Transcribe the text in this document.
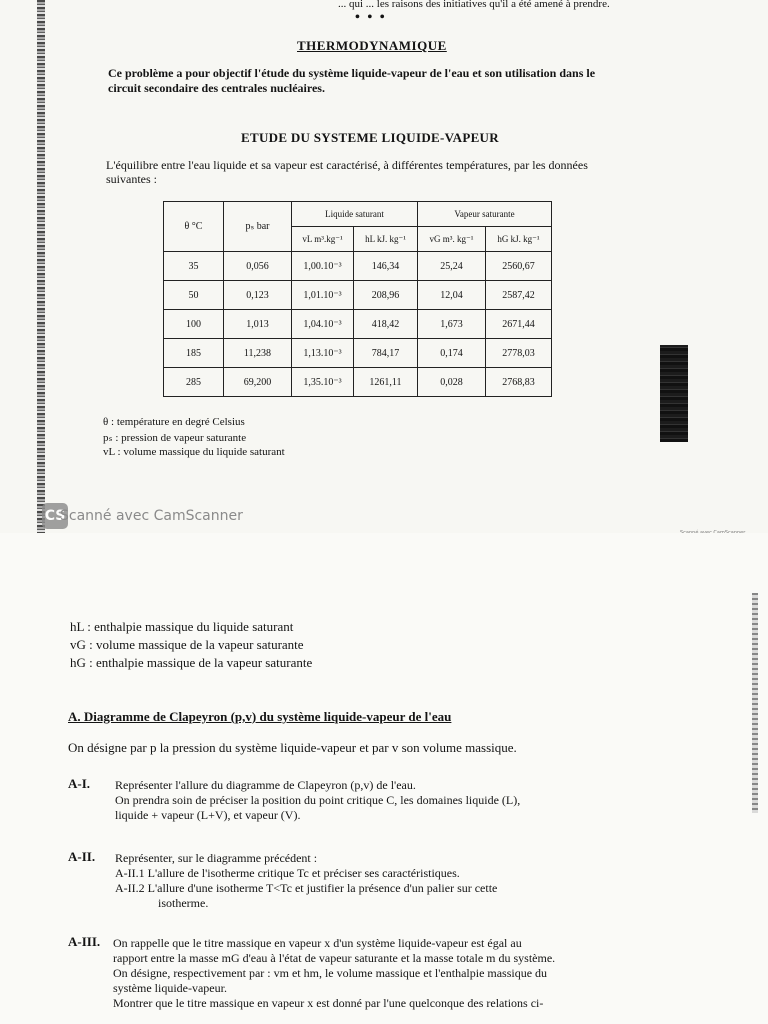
... qui ... les raisons des initiatives qu'il a été amené à prendre.
• • •
THERMODYNAMIQUE
Ce problème a pour objectif l'étude du système liquide-vapeur de l'eau et son utilisation dans le circuit secondaire des centrales nucléaires.
ETUDE DU SYSTEME LIQUIDE-VAPEUR
L'équilibre entre l'eau liquide et sa vapeur est caractérisé, à différentes températures, par les données suivantes :
θ °C	pₛ bar	Liquide saturant		Vapeur saturante	
		vL m³.kg⁻¹	hL kJ. kg⁻¹	vG m³. kg⁻¹	hG kJ. kg⁻¹
35	0,056	1,00.10⁻³	146,34	25,24	2560,67
50	0,123	1,01.10⁻³	208,96	12,04	2587,42
100	1,013	1,04.10⁻³	418,42	1,673	2671,44
185	11,238	1,13.10⁻³	784,17	0,174	2778,03
285	69,200	1,35.10⁻³	1261,11	0,028	2768,83
θ : température en degré Celsius
pₛ : pression de vapeur saturante
vL : volume massique du liquide saturant
CS
Scanné avec CamScanner
Scanné avec CamScanner
hL : enthalpie massique du liquide saturant
vG : volume massique de la vapeur saturante
hG : enthalpie massique de la vapeur saturante
A. Diagramme de Clapeyron (p,v) du système liquide-vapeur de l'eau
On désigne par p la pression du système liquide-vapeur et par v son volume massique.
A-I. Représenter l'allure du diagramme de Clapeyron (p,v) de l'eau.
On prendra soin de préciser la position du point critique C, les domaines liquide (L),
liquide + vapeur (L+V), et vapeur (V).
A-II. Représenter, sur le diagramme précédent :
A-II.1 L'allure de l'isotherme critique Tc et préciser ses caractéristiques.
A-II.2 L'allure d'une isotherme T<Tc et justifier la présence d'un palier sur cette
isotherme.
A-III. On rappelle que le titre massique en vapeur x d'un système liquide-vapeur est égal au
rapport entre la masse mG d'eau à l'état de vapeur saturante et la masse totale m du système.
On désigne, respectivement par : vm et hm, le volume massique et l'enthalpie massique du
système liquide-vapeur.
Montrer que le titre massique en vapeur x est donné par l'une quelconque des relations ci-
